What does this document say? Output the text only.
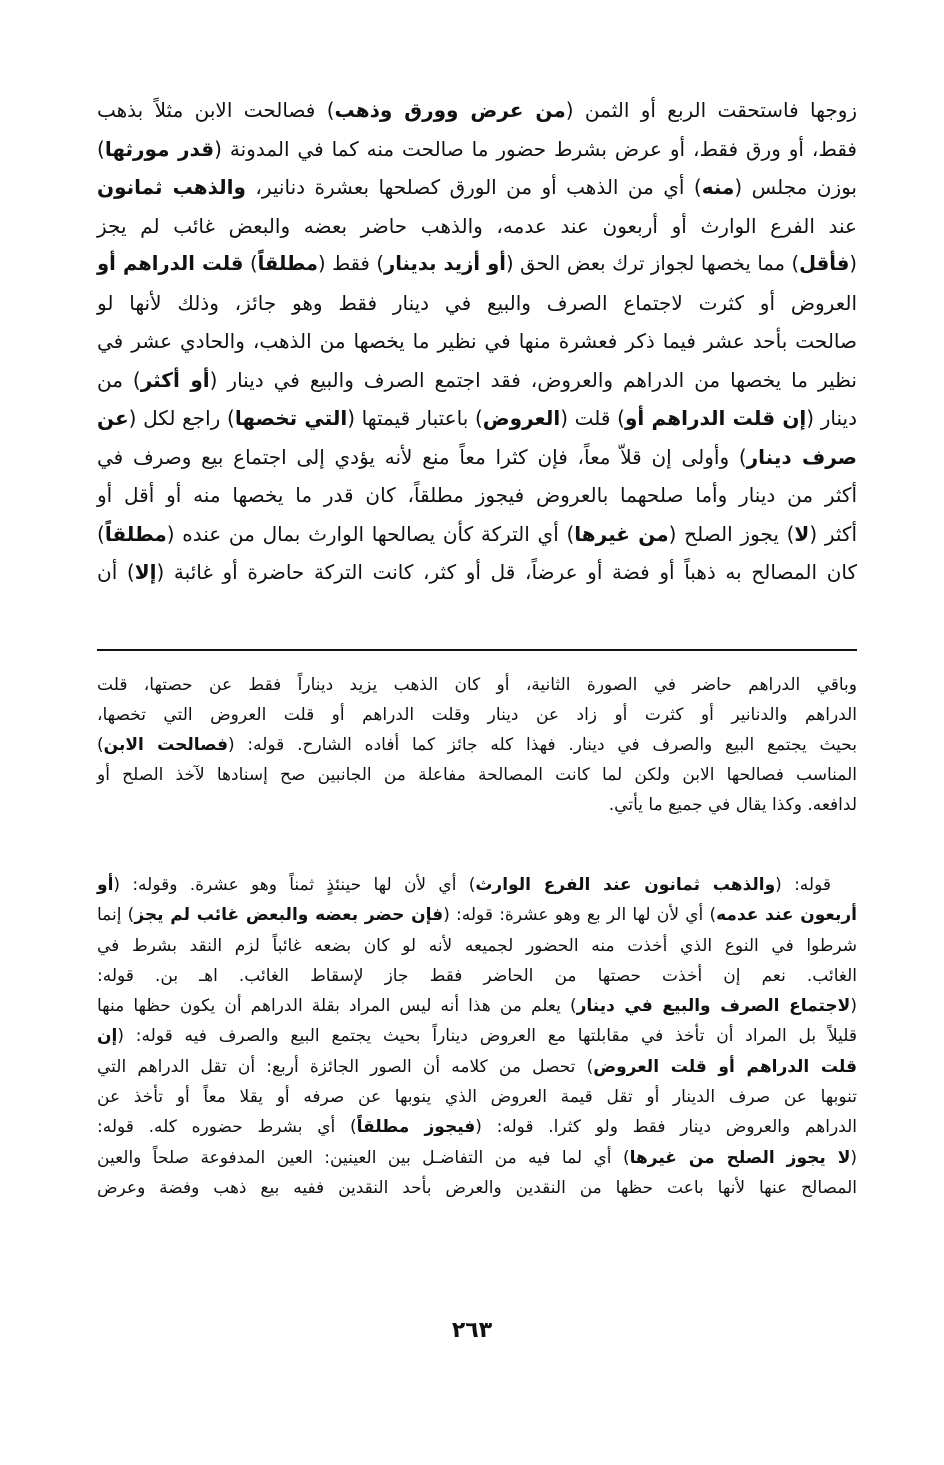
زوجها فاستحقت الربع أو الثمن (من عرض وورق وذهب) فصالحت الابن مثلاً بذهب
فقط، أو ورق فقط، أو عرض بشرط حضور ما صالحت منه كما في المدونة (قدر مورثها)
بوزن مجلس (منه) أي من الذهب أو من الورق كصلحها بعشرة دنانير، والذهب ثمانون
عند الفرع الوارث أو أربعون عند عدمه، والذهب حاضر بعضه والبعض غائب لم يجز
(فأقل) مما يخصها لجواز ترك بعض الحق (أو أزيد بدينار) فقط (مطلقاً) قلت الدراهم أو
العروض أو كثرت لاجتماع الصرف والبيع في دينار فقط وهو جائز، وذلك لأنها لو
صالحت بأحد عشر فيما ذكر فعشرة منها في نظير ما يخصها من الذهب، والحادي عشر في
نظير ما يخصها من الدراهم والعروض، فقد اجتمع الصرف والبيع في دينار (أو أكثر) من
دينار (إن قلت الدراهم أو) قلت (العروض) باعتبار قيمتها (التي تخصها) راجع لكل (عن
صرف دينار) وأولى إن قلاّ معاً، فإن كثرا معاً منع لأنه يؤدي إلى اجتماع بيع وصرف في
أكثر من دينار وأما صلحهما بالعروض فيجوز مطلقاً، كان قدر ما يخصها منه أو أقل أو
أكثر (لا) يجوز الصلح (من غيرها) أي التركة كأن يصالحها الوارث بمال من عنده (مطلقاً)
كان المصالح به ذهباً أو فضة أو عرضاً، قل أو كثر، كانت التركة حاضرة أو غائبة (إلا) أن
وباقي الدراهم حاضر في الصورة الثانية، أو كان الذهب يزيد ديناراً فقط عن حصتها، قلت
الدراهم والدنانير أو كثرت أو زاد عن دينار وقلت الدراهم أو قلت العروض التي تخصها،
بحيث يجتمع البيع والصرف في دينار. فهذا كله جائز كما أفاده الشارح. قوله: (فصالحت الابن)
المناسب فصالحها الابن ولكن لما كانت المصالحة مفاعلة من الجانبين صح إسنادها لآخذ الصلح أو
لدافعه. وكذا يقال في جميع ما يأتي.
قوله: (والذهب ثمانون عند الفرع الوارث) أي لأن لها حينئذٍ ثمناً وهو عشرة. وقوله: (أو
أربعون عند عدمه) أي لأن لها الر بع وهو عشرة: قوله: (فإن حضر بعضه والبعض غائب لم يجز) إنما
شرطوا في النوع الذي أخذت منه الحضور لجميعه لأنه لو كان بضعه غائباً لزم النقد بشرط في
الغائب. نعم إن أخذت حصتها من الحاضر فقط جاز لإسقاط الغائب. اهـ بن. قوله:
(لاجتماع الصرف والبيع في دينار) يعلم من هذا أنه ليس المراد بقلة الدراهم أن يكون حظها منها
قليلاً بل المراد أن تأخذ في مقابلتها مع العروض ديناراً بحيث يجتمع البيع والصرف فيه قوله: (إن
قلت الدراهم أو قلت العروض) تحصل من كلامه أن الصور الجائزة أربع: أن تقل الدراهم التي
تنوبها عن صرف الدينار أو تقل قيمة العروض الذي ينوبها عن صرفه أو يقلا معاً أو تأخذ عن
الدراهم والعروض دينار فقط ولو كثرا. قوله: (فيجوز مطلقاً) أي بشرط حضوره كله. قوله:
(لا يجوز الصلح من غيرها) أي لما فيه من التفاضـل بين العينين: العين المدفوعة صلحاً والعين
المصالح عنها لأنها باعت حظها من النقدين والعرض بأحد النقدين ففيه بيع ذهب وفضة وعرض
٢٦٣
